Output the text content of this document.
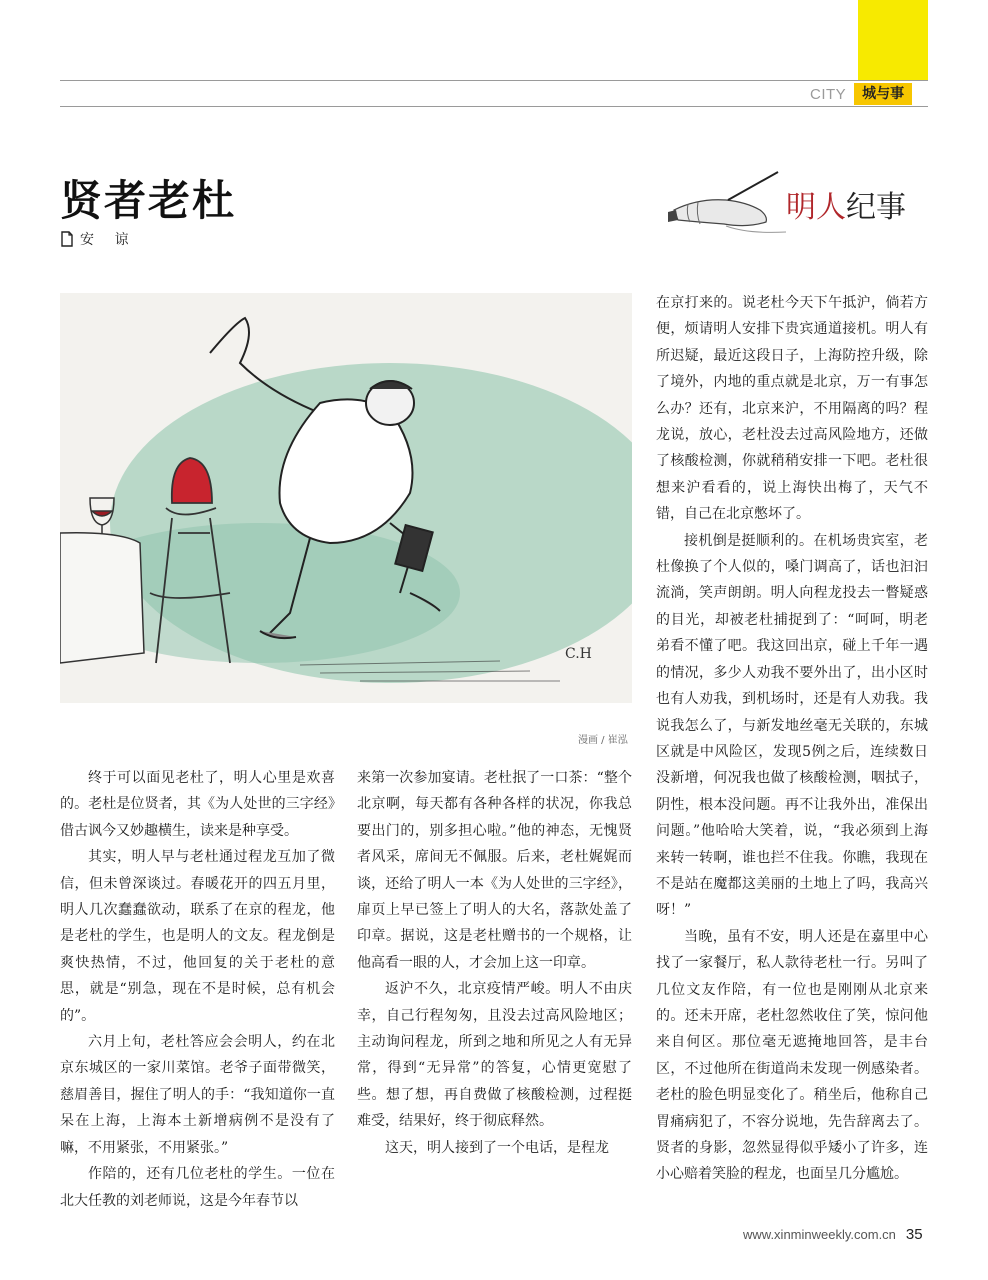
CITY	城与事
贤者老杜
安 谅
明人纪事
C.H
漫画 / 崔泓

终于可以面见老杜了，明人心里是欢喜的。老杜是位贤者，其《为人处世的三字经》借古讽今又妙趣横生，读来是种享受。

其实，明人早与老杜通过程龙互加了微信，但未曾深谈过。春暖花开的四五月里，明人几次蠢蠢欲动，联系了在京的程龙，他是老杜的学生，也是明人的文友。程龙倒是爽快热情，不过，他回复的关于老杜的意思，就是“别急，现在不是时候，总有机会的”。

六月上旬，老杜答应会会明人，约在北京东城区的一家川菜馆。老爷子面带微笑，慈眉善目，握住了明人的手：“我知道你一直呆在上海，上海本土新增病例不是没有了嘛，不用紧张，不用紧张。”

作陪的，还有几位老杜的学生。一位在北大任教的刘老师说，这是今年春节以

来第一次参加宴请。老杜抿了一口茶：“整个北京啊，每天都有各种各样的状况，你我总要出门的，别多担心啦。”他的神态，无愧贤者风采，席间无不佩服。后来，老杜娓娓而谈，还给了明人一本《为人处世的三字经》，扉页上早已签上了明人的大名，落款处盖了印章。据说，这是老杜赠书的一个规格，让他高看一眼的人，才会加上这一印章。

返沪不久，北京疫情严峻。明人不由庆幸，自己行程匆匆，且没去过高风险地区；主动询问程龙，所到之地和所见之人有无异常，得到“无异常”的答复，心情更宽慰了些。想了想，再自费做了核酸检测，过程挺难受，结果好，终于彻底释然。

这天，明人接到了一个电话，是程龙

在京打来的。说老杜今天下午抵沪，倘若方便，烦请明人安排下贵宾通道接机。明人有所迟疑，最近这段日子，上海防控升级，除了境外，内地的重点就是北京，万一有事怎么办？还有，北京来沪，不用隔离的吗？程龙说，放心，老杜没去过高风险地方，还做了核酸检测，你就稍稍安排一下吧。老杜很想来沪看看的，说上海快出梅了，天气不错，自己在北京憋坏了。

接机倒是挺顺利的。在机场贵宾室，老杜像换了个人似的，嗓门调高了，话也汩汩流淌，笑声朗朗。明人向程龙投去一瞥疑惑的目光，却被老杜捕捉到了：“呵呵，明老弟看不懂了吧。我这回出京，碰上千年一遇的情况，多少人劝我不要外出了，出小区时也有人劝我，到机场时，还是有人劝我。我说我怎么了，与新发地丝毫无关联的，东城区就是中风险区，发现5例之后，连续数日没新增，何况我也做了核酸检测，咽拭子，阴性，根本没问题。再不让我外出，准保出问题。”他哈哈大笑着，说，“我必须到上海来转一转啊，谁也拦不住我。你瞧，我现在不是站在魔都这美丽的土地上了吗，我高兴呀！”

当晚，虽有不安，明人还是在嘉里中心找了一家餐厅，私人款待老杜一行。另叫了几位文友作陪，有一位也是刚刚从北京来的。还未开席，老杜忽然收住了笑，惊问他来自何区。那位毫无遮掩地回答，是丰台区，不过他所在街道尚未发现一例感染者。老杜的脸色明显变化了。稍坐后，他称自己胃痛病犯了，不容分说地，先告辞离去了。贤者的身影，忽然显得似乎矮小了许多，连小心赔着笑脸的程龙，也面呈几分尴尬。

www.xinminweekly.com.cn 35
